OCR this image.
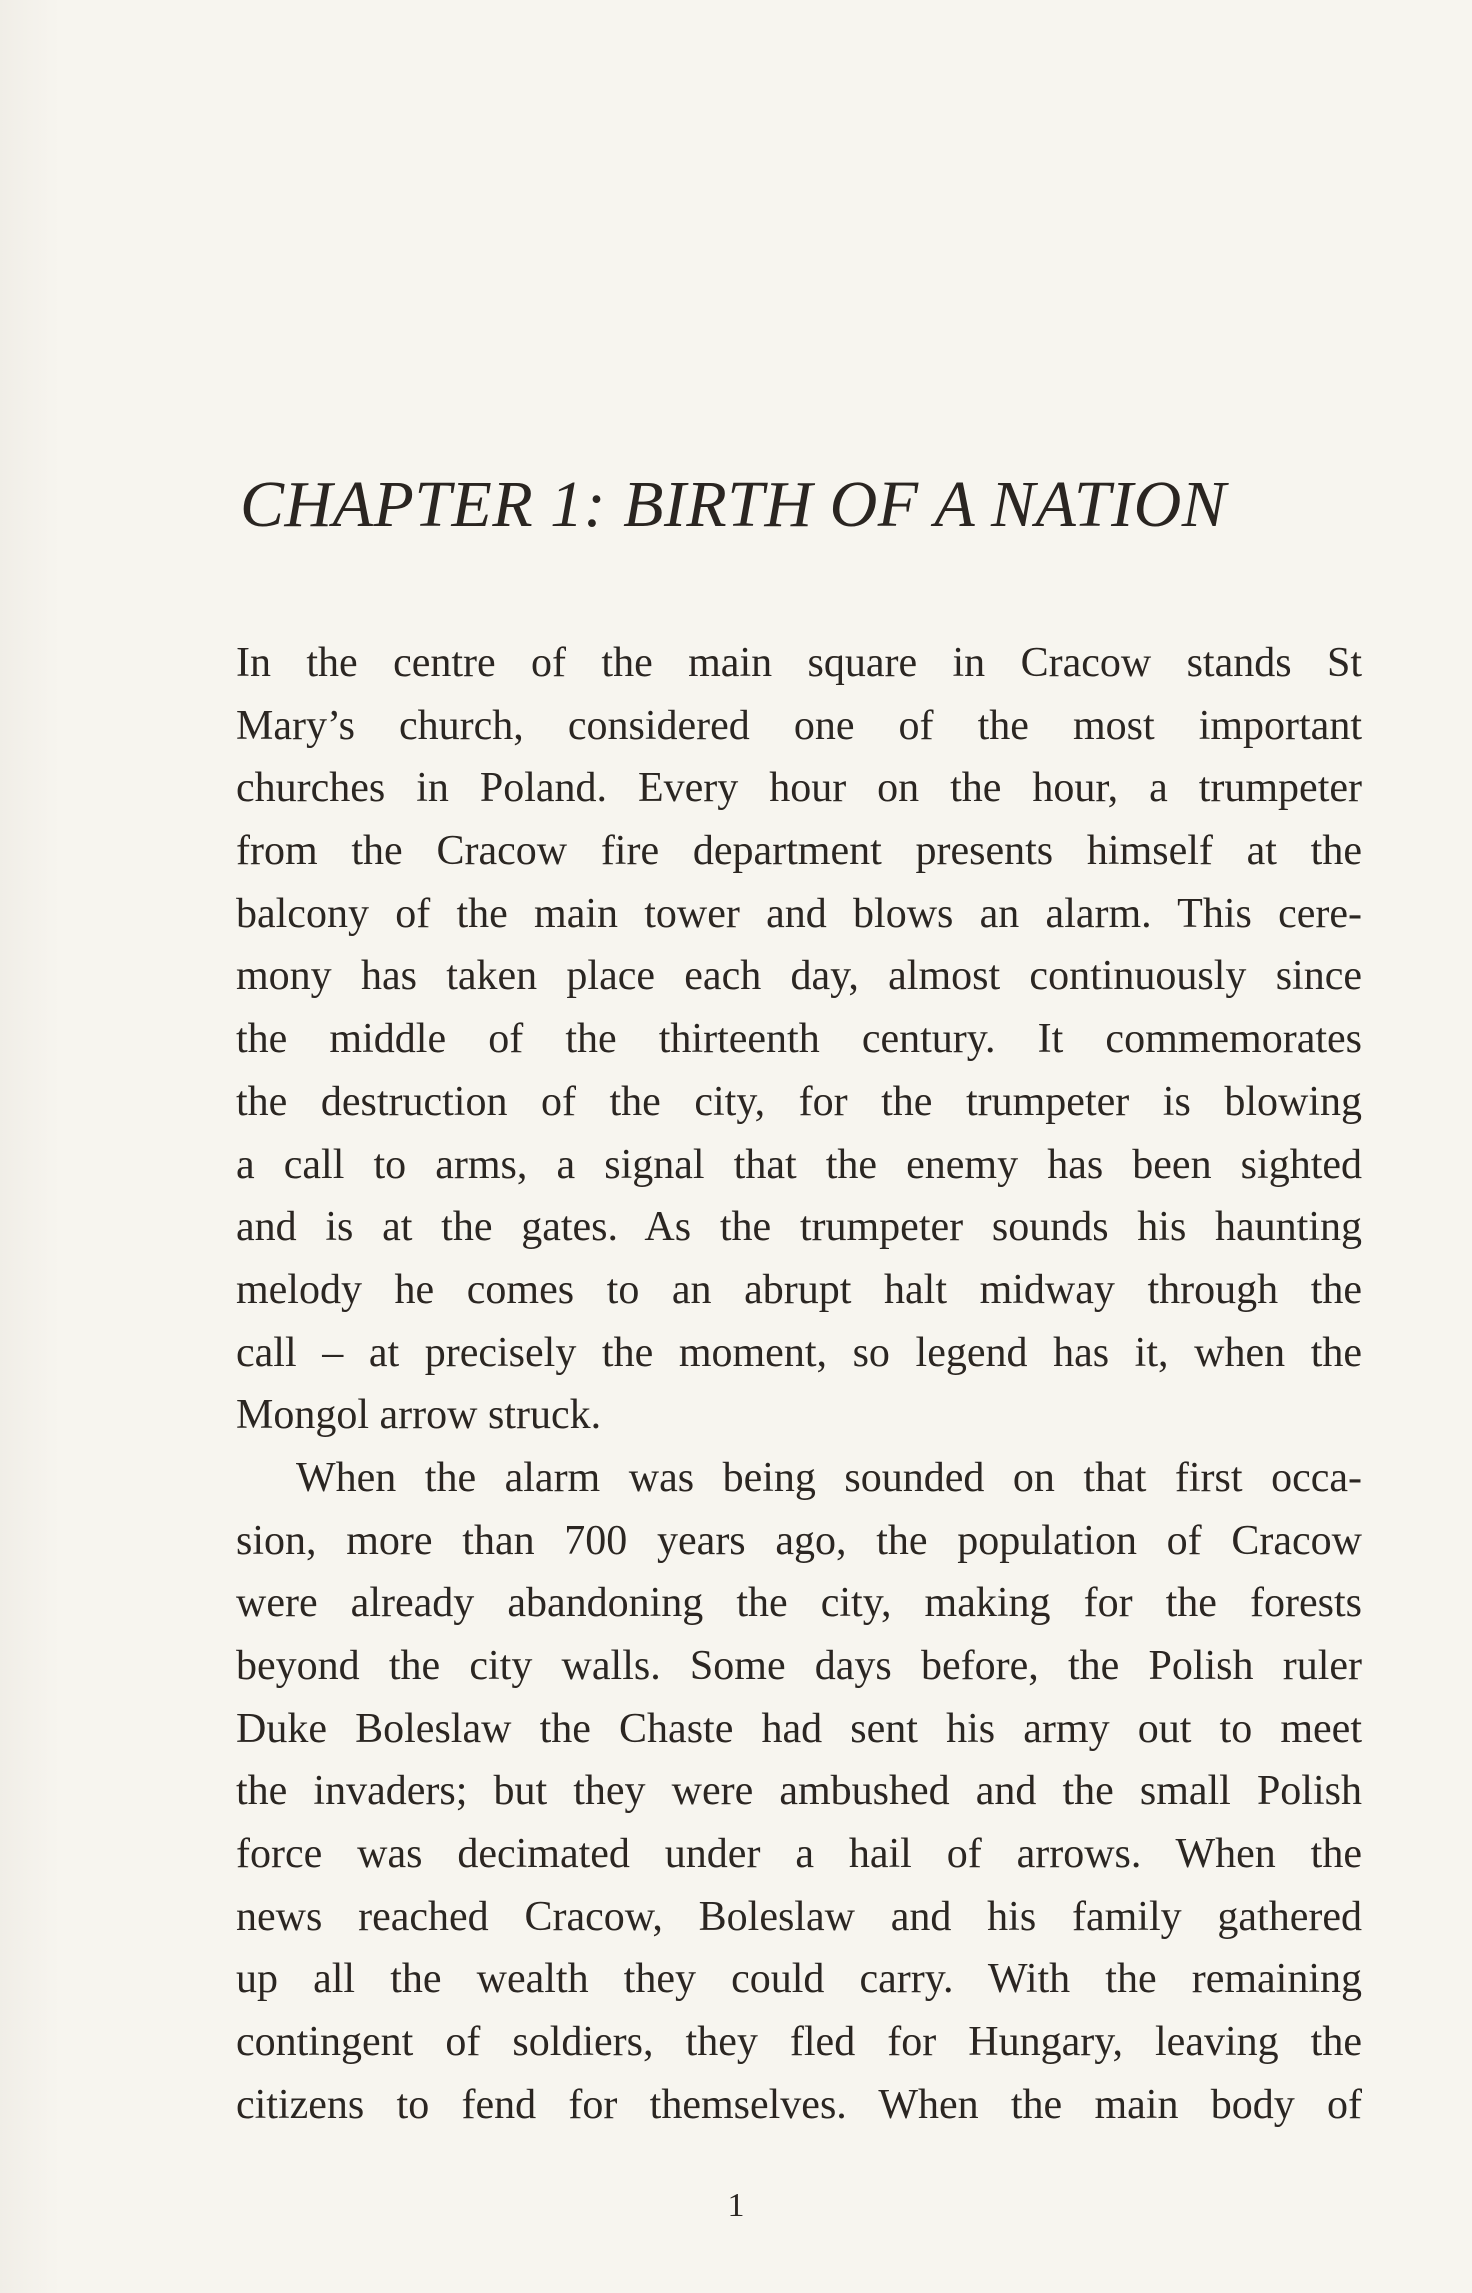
CHAPTER 1: BIRTH OF A NATION
In the centre of the main square in Cracow stands St
Mary’s church, considered one of the most important
churches in Poland. Every hour on the hour, a trumpeter
from the Cracow fire department presents himself at the
balcony of the main tower and blows an alarm. This cere-
mony has taken place each day, almost continuously since
the middle of the thirteenth century. It commemorates
the destruction of the city, for the trumpeter is blowing
a call to arms, a signal that the enemy has been sighted
and is at the gates. As the trumpeter sounds his haunting
melody he comes to an abrupt halt midway through the
call – at precisely the moment, so legend has it, when the
Mongol arrow struck.
When the alarm was being sounded on that first occa-
sion, more than 700 years ago, the population of Cracow
were already abandoning the city, making for the forests
beyond the city walls. Some days before, the Polish ruler
Duke Boleslaw the Chaste had sent his army out to meet
the invaders; but they were ambushed and the small Polish
force was decimated under a hail of arrows. When the
news reached Cracow, Boleslaw and his family gathered
up all the wealth they could carry. With the remaining
contingent of soldiers, they fled for Hungary, leaving the
citizens to fend for themselves. When the main body of
1
